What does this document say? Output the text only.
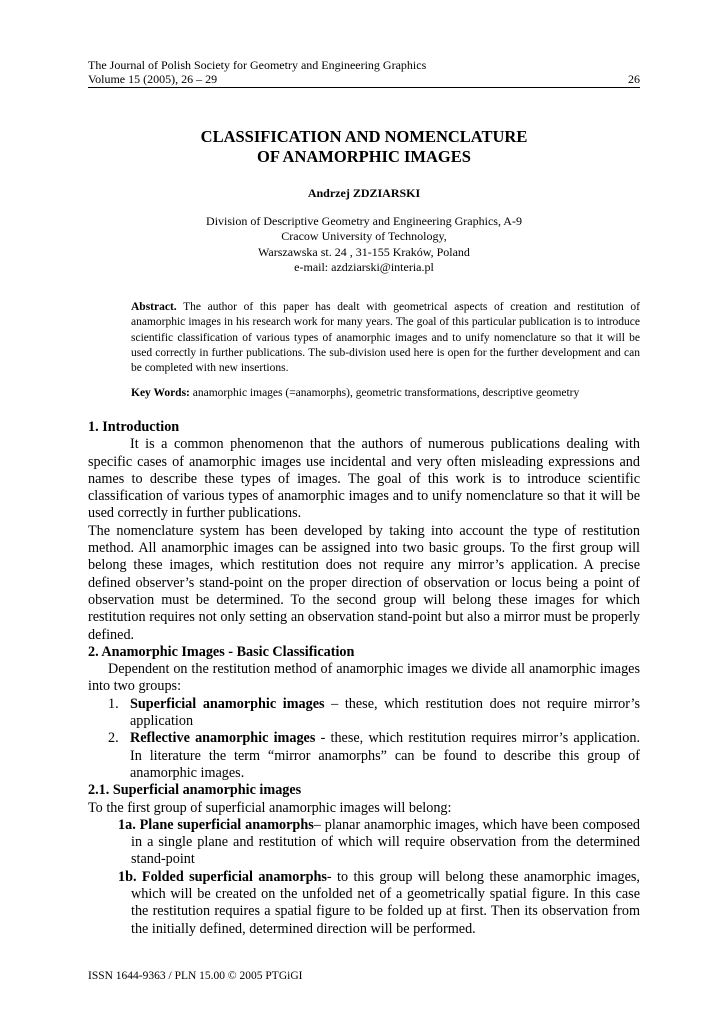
The Journal of Polish Society for Geometry and Engineering Graphics
Volume 15 (2005), 26 – 29	26
CLASSIFICATION AND NOMENCLATURE
OF ANAMORPHIC IMAGES
Andrzej ZDZIARSKI
Division of Descriptive Geometry and Engineering Graphics, A-9
Cracow University of Technology,
Warszawska st. 24 , 31-155 Kraków, Poland
e-mail: azdziarski@interia.pl
Abstract. The author of this paper has dealt with geometrical aspects of creation and restitution of anamorphic images in his research work for many years. The goal of this particular publication is to introduce scientific classification of various types of anamorphic images and to unify nomenclature so that it will be used correctly in further publications. The sub-division used here is open for the further development and can be completed with new insertions.
Key Words: anamorphic images (=anamorphs), geometric transformations, descriptive geometry

1. Introduction

It is a common phenomenon that the authors of numerous publications dealing with specific cases of anamorphic images use incidental and very often misleading expressions and names to describe these types of images. The goal of this work is to introduce scientific classification of various types of anamorphic images and to unify nomenclature so that it will be used correctly in further publications.

The nomenclature system has been developed by taking into account the type of restitution method. All anamorphic images can be assigned into two basic groups. To the first group will belong these images, which restitution does not require any mirror’s application. A precise defined observer’s stand-point on the proper direction of observation or locus being a point of observation must be determined. To the second group will belong these images for which restitution requires not only setting an observation stand-point but also a mirror must be properly defined.

2. Anamorphic Images - Basic Classification

Dependent on the restitution method of anamorphic images we divide all anamorphic images into two groups:

1. Superficial anamorphic images – these, which restitution does not require mirror’s application
2. Reflective anamorphic images - these, which restitution requires mirror’s application. In literature the term “mirror anamorphs” can be found to describe this group of anamorphic images.

2.1. Superficial anamorphic images

To the first group of superficial anamorphic images will belong:

1a. Plane superficial anamorphs– planar anamorphic images, which have been composed in a single plane and restitution of which will require observation from the determined stand-point
1b. Folded superficial anamorphs- to this group will belong these anamorphic images, which will be created on the unfolded net of a geometrically spatial figure. In this case the restitution requires a spatial figure to be folded up at first. Then its observation from the initially defined, determined direction will be performed.
ISSN 1644-9363 / PLN 15.00 © 2005 PTGiGI
